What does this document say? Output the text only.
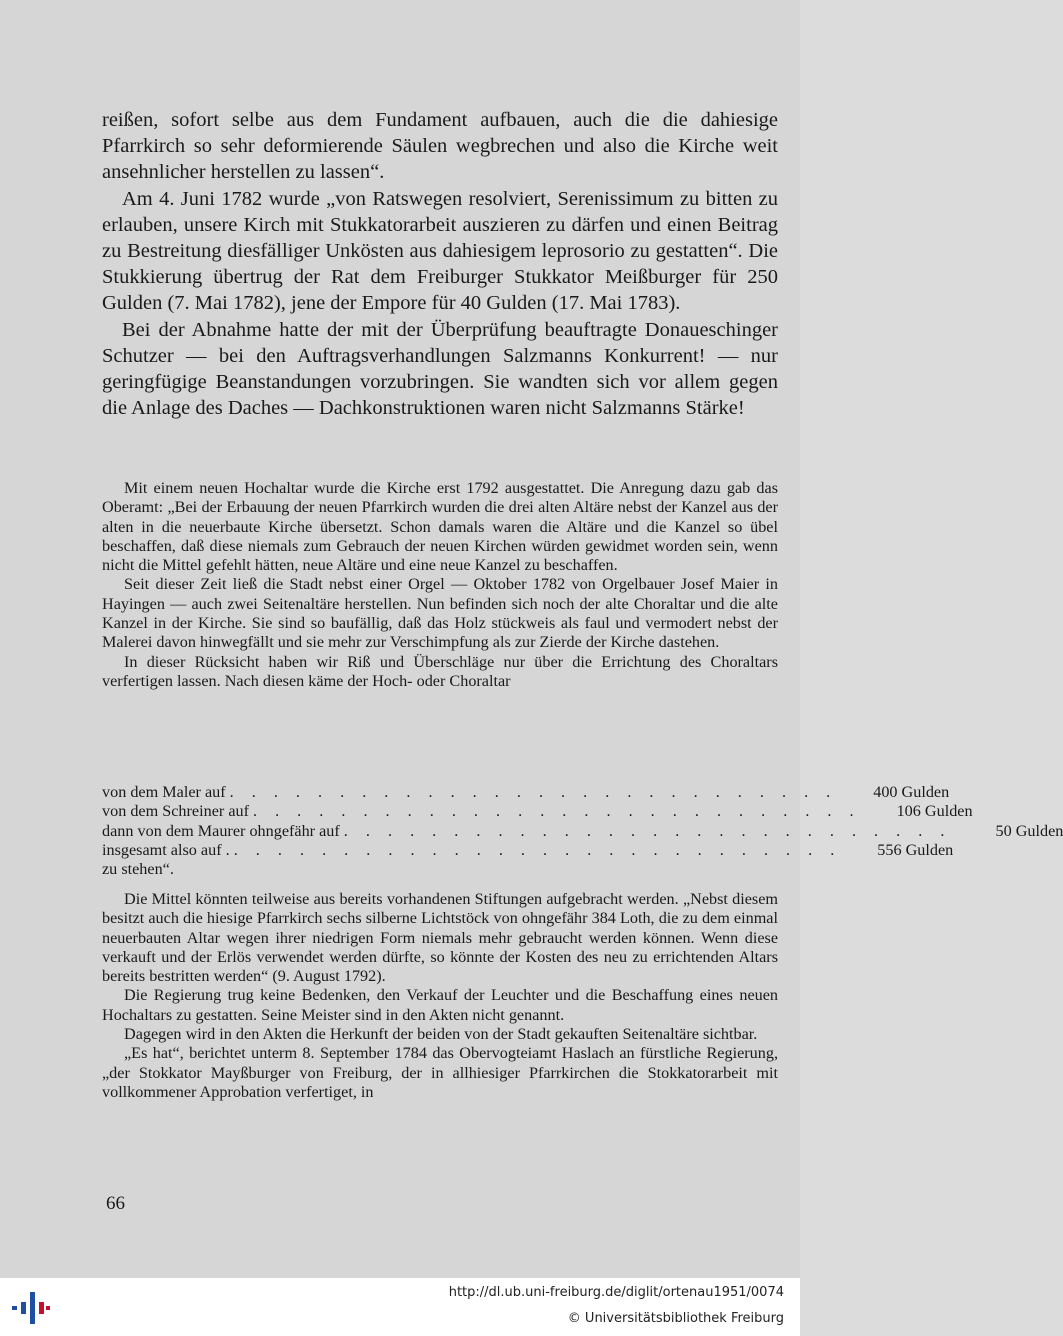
reißen, sofort selbe aus dem Fundament aufbauen, auch die die dahiesige Pfarrkirch so sehr deformierende Säulen wegbrechen und also die Kirche weit ansehnlicher herstellen zu lassen“.

Am 4. Juni 1782 wurde „von Ratswegen resolviert, Serenissimum zu bitten zu erlauben, unsere Kirch mit Stukkatorarbeit auszieren zu därfen und einen Beitrag zu Bestreitung diesfälliger Unkösten aus dahiesigem leprosorio zu gestatten“. Die Stukkierung übertrug der Rat dem Freiburger Stukkator Meißburger für 250 Gulden (7. Mai 1782), jene der Empore für 40 Gulden (17. Mai 1783).

Bei der Abnahme hatte der mit der Überprüfung beauftragte Donaueschinger Schutzer — bei den Auftragsverhandlungen Salzmanns Konkurrent! — nur geringfügige Beanstandungen vorzubringen. Sie wandten sich vor allem gegen die Anlage des Daches — Dachkonstruktionen waren nicht Salzmanns Stärke!

Mit einem neuen Hochaltar wurde die Kirche erst 1792 ausgestattet. Die Anregung dazu gab das Oberamt: „Bei der Erbauung der neuen Pfarrkirch wurden die drei alten Altäre nebst der Kanzel aus der alten in die neuerbaute Kirche übersetzt. Schon damals waren die Altäre und die Kanzel so übel beschaffen, daß diese niemals zum Gebrauch der neuen Kirchen würden gewidmet worden sein, wenn nicht die Mittel gefehlt hätten, neue Altäre und eine neue Kanzel zu beschaffen.

Seit dieser Zeit ließ die Stadt nebst einer Orgel — Oktober 1782 von Orgelbauer Josef Maier in Hayingen — auch zwei Seitenaltäre herstellen. Nun befinden sich noch der alte Choraltar und die alte Kanzel in der Kirche. Sie sind so baufällig, daß das Holz stückweis als faul und vermodert nebst der Malerei davon hinwegfällt und sie mehr zur Verschimpfung als zur Zierde der Kirche dastehen.

In dieser Rücksicht haben wir Riß und Überschläge nur über die Errichtung des Choraltars verfertigen lassen. Nach diesen käme der Hoch- oder Choraltar

von dem Maler auf . . . . . . . . . . . . . . . . . . . . . . . . . . . .	400 Gulden
von dem Schreiner auf . . . . . . . . . . . . . . . . . . . . . . . . . . . .	106 Gulden
dann von dem Maurer ohngefähr auf . . . . . . . . . . . . . . . . . . . . . . . . . . . .	50 Gulden
insgesamt also auf . . . . . . . . . . . . . . . . . . . . . . . . . . . . .	556 Gulden
zu stehen“.

Die Mittel könnten teilweise aus bereits vorhandenen Stiftungen aufgebracht werden. „Nebst diesem besitzt auch die hiesige Pfarrkirch sechs silberne Lichtstöck von ohngefähr 384 Loth, die zu dem einmal neuerbauten Altar wegen ihrer niedrigen Form niemals mehr gebraucht werden können. Wenn diese verkauft und der Erlös verwendet werden dürfte, so könnte der Kosten des neu zu errichtenden Altars bereits bestritten werden“ (9. August 1792).

Die Regierung trug keine Bedenken, den Verkauf der Leuchter und die Beschaffung eines neuen Hochaltars zu gestatten. Seine Meister sind in den Akten nicht genannt.

Dagegen wird in den Akten die Herkunft der beiden von der Stadt gekauften Seitenaltäre sichtbar.

„Es hat“, berichtet unterm 8. September 1784 das Obervogteiamt Haslach an fürstliche Regierung, „der Stokkator Mayßburger von Freiburg, der in allhiesiger Pfarrkirchen die Stokkatorarbeit mit vollkommener Approbation verfertiget, in

66
http://dl.ub.uni-freiburg.de/diglit/ortenau1951/0074
© Universitätsbibliothek Freiburg
